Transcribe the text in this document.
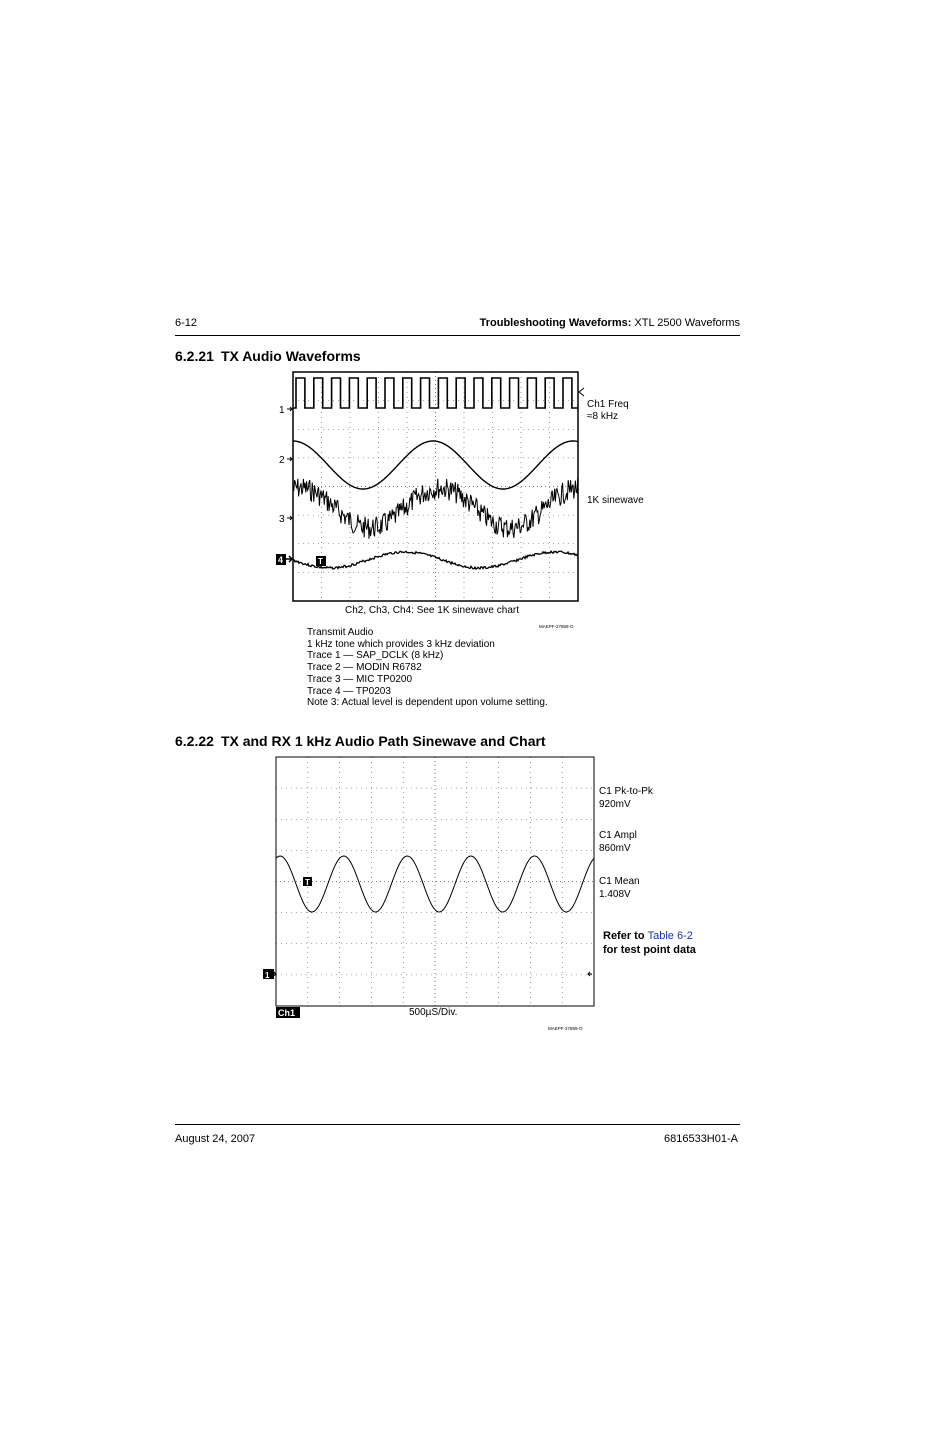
6-12	Troubleshooting Waveforms: XTL 2500 Waveforms
6.2.21 TX Audio Waveforms
1
2
3
4	T
Ch1 Freq
≈8 kHz
1K sinewave
Ch2, Ch3, Ch4: See 1K sinewave chart
MAEPF-27868-O
Transmit Audio
1 kHz tone which provides 3 kHz deviation
Trace 1 — SAP_DCLK (8 kHz)
Trace 2 — MODIN R6782
Trace 3 — MIC TP0200
Trace 4 — TP0203
Note 3: Actual level is dependent upon volume setting.
6.2.22 TX and RX 1 kHz Audio Path Sinewave and Chart
T
1
Ch1	500µS/Div.
MAEPF-27869-O
C1 Pk-to-Pk
920mV
C1 Ampl
860mV
C1 Mean
1.408V
Refer to Table 6-2
for test point data
August 24, 2007	6816533H01-A
